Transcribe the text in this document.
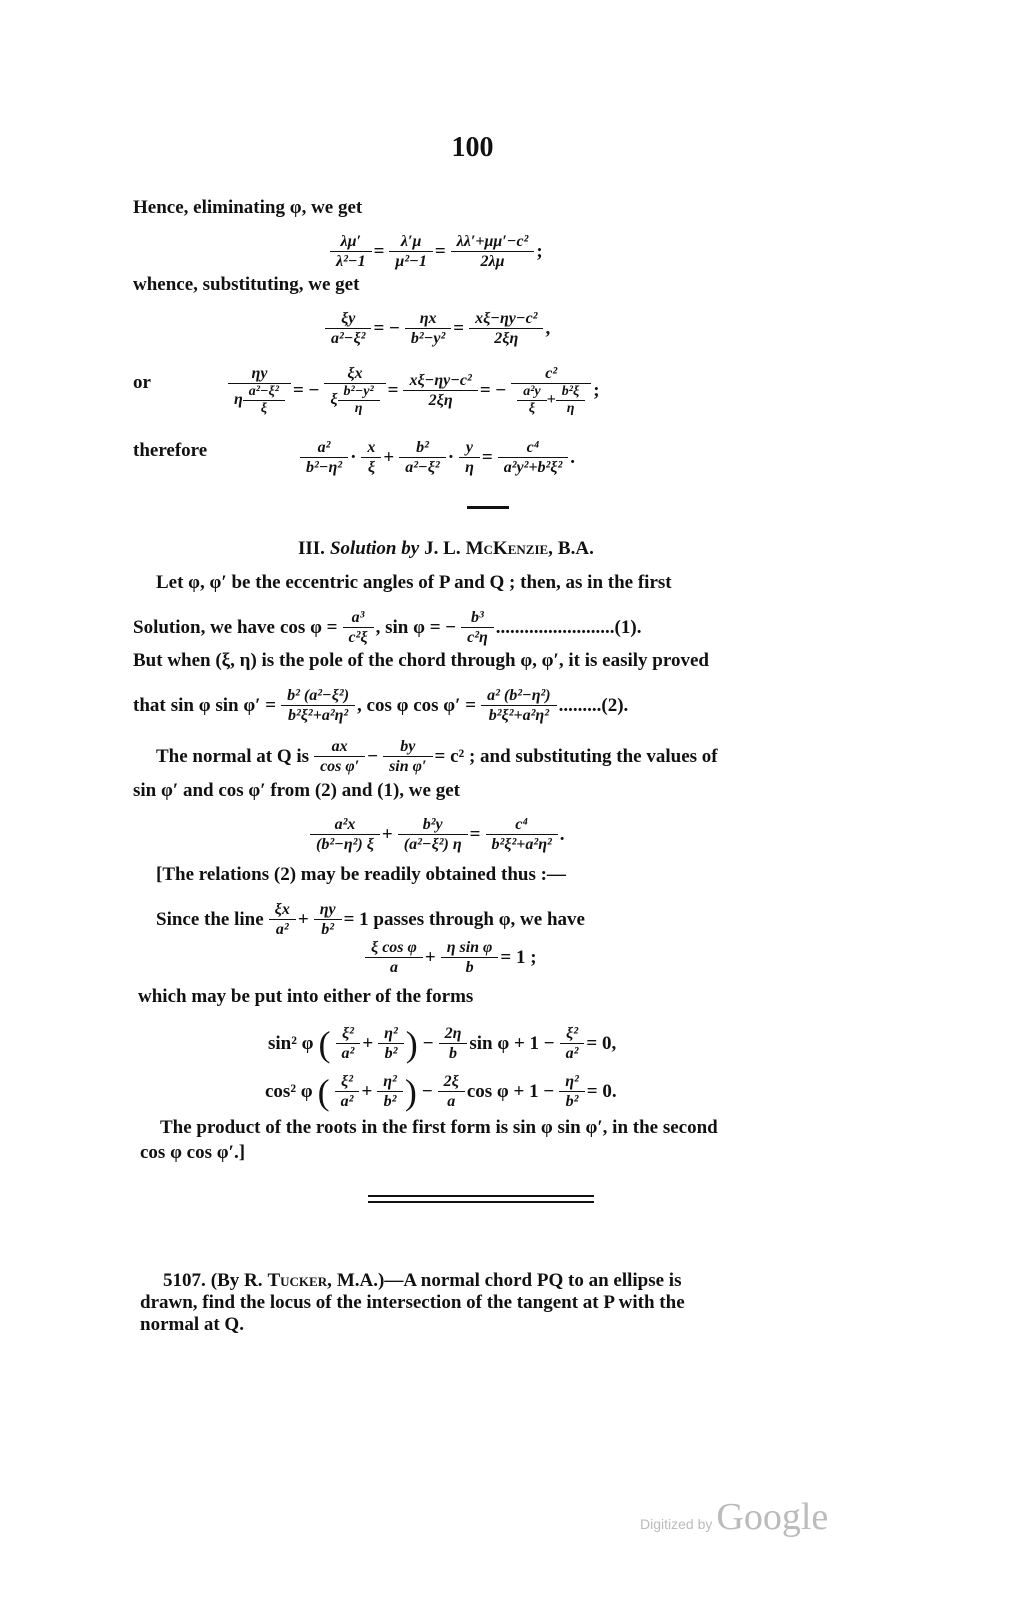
100
Hence, eliminating φ, we get
$\frac{\lambda\mu'}{\text{λ²−1}} = \frac{\lambda'\mu}{\text{μ²−1}} = \frac{\text{λλ′+μμ′−c²}}{2\lambda\mu}$ ;
whence, substituting, we get
$\frac{\xi y}{\text{a²−ξ²}}$ = − $\frac{\eta x}{\text{b²−y²}} = \frac{\text{xξ−ηy−c²}}{2\xi\eta}$ ,
or	$\frac{\eta y}{\eta \frac{\text{a²−ξ²}}{\xi}}$ = − $\frac{\xi x}{\xi \frac{\text{b²−y²}}{\eta}} = \frac{\text{xξ−ηy−c²}}{2\xi\eta}$ = − $\frac{\text{c²}}{\frac{\text{a²y}}{\xi} + \frac{\text{b²ξ}}{\eta}}$ ;
therefore	$\frac{\text{a²}}{\text{b²−η²}} \cdot \frac{x}{\xi} + \frac{\text{b²}}{\text{a²−ξ²}} \cdot \frac{y}{\eta} = \frac{\text{c⁴}}{\text{a²y²+b²ξ²}}$ .
III. Solution by J. L. McKenzie, B.A.
Let φ, φ′ be the eccentric angles of P and Q ; then, as in the first
Solution, we have $\cos \varphi = \frac{\text{a³}}{\text{c²ξ}}$ , sin φ = − $\frac{\text{b³}}{\text{c²η}} .........................(1)$.
But when (ξ, η) is the pole of the chord through φ, φ′, it is easily proved
that sin φ $\sin \varphi' = \frac{\text{b² (a²−ξ²)}}{\text{b²ξ²+a²η²}}$ , cos φ $\cos \varphi' = \frac{\text{a² (b²−η²)}}{\text{b²ξ²+a²η²}} .........(2)$.
The normal at Q is $\frac{ax}{\text{cos φ′}} - \frac{by}{\text{sin φ′}} = c^2$ ; and substituting the values of
sin φ′ and cos φ′ from (2) and (1), we get
$\frac{\text{a²x}}{\text{(b²−η²) ξ}} + \frac{\text{b²y}}{\text{(a²−ξ²) η}} = \frac{\text{c⁴}}{\text{b²ξ²+a²η²}}$ .
[The relations (2) may be readily obtained thus :—
Since the line $\frac{\xi x}{\text{a²}} + \frac{\eta y}{\text{b²}} = 1$ passes through φ, we have
$\frac{\text{ξ cos φ}}{a} + \frac{\text{η sin φ}}{b} = 1$ ;
which may be put into either of the forms
sin² φ ( $\frac{\text{ξ²}}{\text{a²}} + \frac{\text{η²}}{\text{b²}}$ ) − $\frac{2\eta}{b}$ $\sin \varphi + 1 - \frac{\text{ξ²}}{\text{a²}} = 0$,
cos² φ ( $\frac{\text{ξ²}}{\text{a²}} + \frac{\text{η²}}{\text{b²}}$ ) − $\frac{2\xi}{a}$ $\cos \varphi + 1 - \frac{\text{η²}}{\text{b²}} = 0$.
The product of the roots in the first form is sin φ sin φ′, in the second
cos φ cos φ′.]
5107. (By R. Tucker, M.A.)—A normal chord PQ to an ellipse is
drawn, find the locus of the intersection of the tangent at P with the
normal at Q.
Digitized by Google
